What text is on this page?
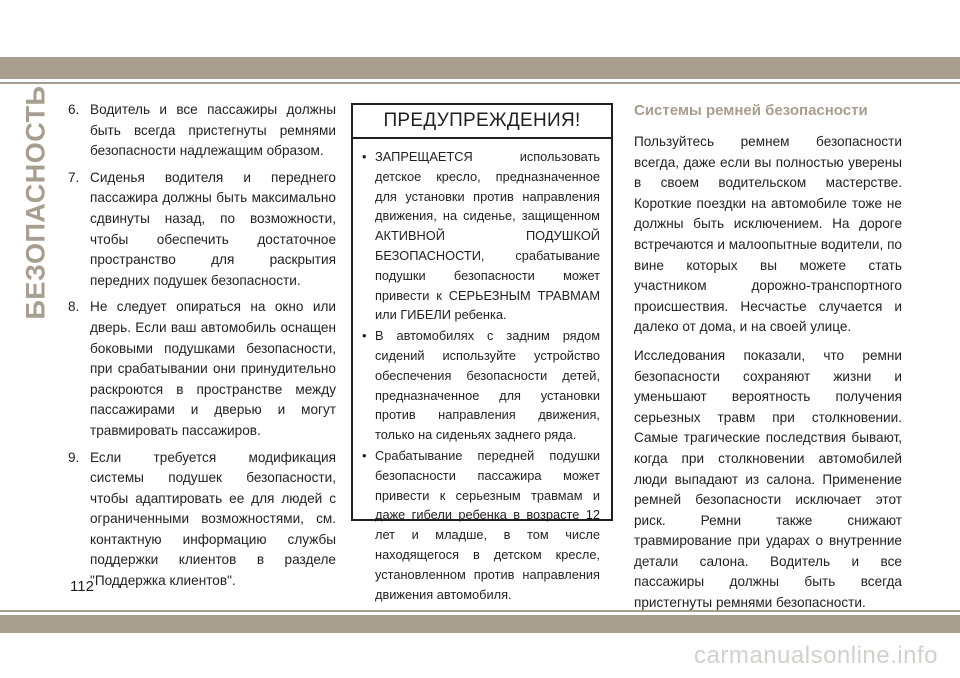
БЕЗОПАСНОСТЬ 6. Водитель и все пассажиры должны быть всегда пристегнуты ремнями безопасности надлежащим образом.
7. Сиденья водителя и переднего пассажира должны быть максимально сдвинуты назад, по возможности, чтобы обеспечить достаточное пространство для раскрытия передних подушек безопасности.
8. Не следует опираться на окно или дверь. Если ваш автомобиль оснащен боковыми подушками безопасности, при срабатывании они принудительно раскроются в пространстве между пассажирами и дверью и могут травмировать пассажиров.
9. Если требуется модификация системы подушек безопасности, чтобы адаптировать ее для людей с ограниченными возможностями, см. контактную информацию службы поддержки клиентов в разделе "Поддержка клиентов".
ПРЕДУПРЕЖДЕНИЯ!
• ЗАПРЕЩАЕТСЯ использовать детское кресло, предназначенное для установки против направления движения, на сиденье, защищенном АКТИВНОЙ ПОДУШКОЙ БЕЗОПАСНОСТИ, срабатывание подушки безопасности может привести к СЕРЬЕЗНЫМ ТРАВМАМ или ГИБЕЛИ ребенка.
• В автомобилях с задним рядом сидений используйте устройство обеспечения безопасности детей, предназначенное для установки против направления движения, только на сиденьях заднего ряда.
• Срабатывание передней подушки безопасности пассажира может привести к серьезным травмам и даже гибели ребенка в возрасте 12 лет и младше, в том числе находящегося в детском кресле, установленном против направления движения автомобиля.
Системы ремней безопасности

Пользуйтесь ремнем безопасности всегда, даже если вы полностью уверены в своем водительском мастерстве. Короткие поездки на автомобиле тоже не должны быть исключением. На дороге встречаются и малоопытные водители, по вине которых вы можете стать участником дорожно-транспортного происшествия. Несчастье случается и далеко от дома, и на своей улице.

Исследования показали, что ремни безопасности сохраняют жизни и уменьшают вероятность получения серьезных травм при столкновении. Самые трагические последствия бывают, когда при столкновении автомобилей люди выпадают из салона. Применение ремней безопасности исключает этот риск. Ремни также снижают травмирование при ударах о внутренние детали салона. Водитель и все пассажиры должны быть всегда пристегнуты ремнями безопасности.

112
carmanualsonline.info
